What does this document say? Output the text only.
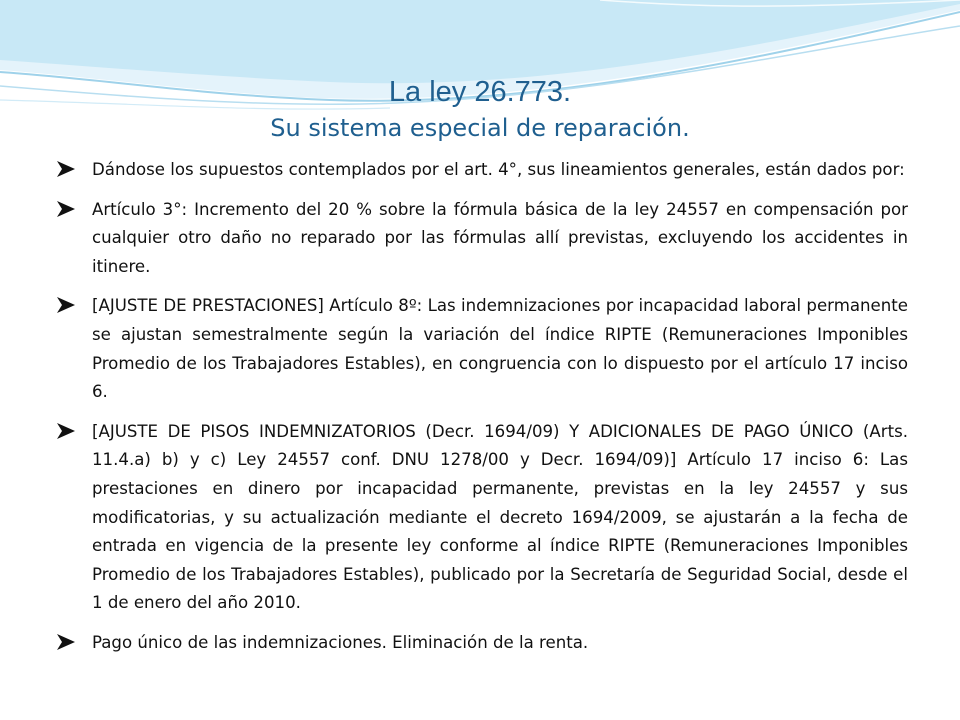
La ley 26.773.
Su sistema especial de reparación.
Dándose los supuestos contemplados por el art. 4°, sus lineamientos generales, están dados por:
Artículo 3°: Incremento del 20 % sobre la fórmula básica de la ley 24557 en compensación por cualquier otro daño no reparado por las fórmulas allí previstas, excluyendo los accidentes in itinere.
[AJUSTE DE PRESTACIONES] Artículo 8º: Las indemnizaciones por incapacidad laboral permanente se ajustan semestralmente según la variación del índice RIPTE (Remuneraciones Imponibles Promedio de los Trabajadores Estables), en congruencia con lo dispuesto por el artículo 17 inciso 6.
[AJUSTE DE PISOS INDEMNIZATORIOS (Decr. 1694/09) Y ADICIONALES DE PAGO ÚNICO (Arts. 11.4.a) b) y c) Ley 24557 conf. DNU 1278/00 y Decr. 1694/09)] Artículo 17 inciso 6: Las prestaciones en dinero por incapacidad permanente, previstas en la ley 24557 y sus modificatorias, y su actualización mediante el decreto 1694/2009, se ajustarán a la fecha de entrada en vigencia de la presente ley conforme al índice RIPTE (Remuneraciones Imponibles Promedio de los Trabajadores Estables), publicado por la Secretaría de Seguridad Social, desde el 1 de enero del año 2010.
Pago único de las indemnizaciones. Eliminación de la renta.
